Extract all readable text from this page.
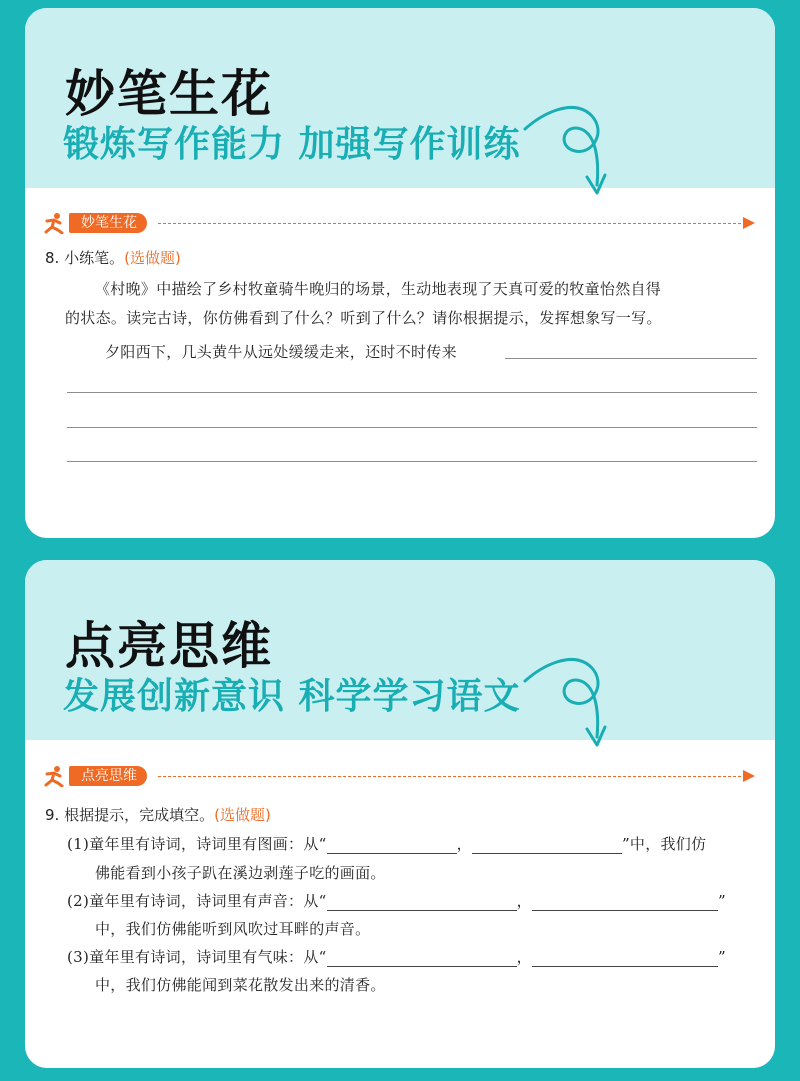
妙笔生花
锻炼写作能力 加强写作训练
妙笔生花
8. 小练笔。(选做题)
《村晚》中描绘了乡村牧童骑牛晚归的场景，生动地表现了天真可爱的牧童怡然自得
的状态。读完古诗，你仿佛看到了什么？听到了什么？请你根据提示，发挥想象写一写。
夕阳西下，几头黄牛从远处缓缓走来，还时不时传来
点亮思维
发展创新意识 科学学习语文
点亮思维
9. 根据提示，完成填空。(选做题)
(1)童年里有诗词，诗词里有图画：从“	，	”中，我们仿
佛能看到小孩子趴在溪边剥莲子吃的画面。
(2)童年里有诗词，诗词里有声音：从“	，	”
中，我们仿佛能听到风吹过耳畔的声音。
(3)童年里有诗词，诗词里有气味：从“	，	”
中，我们仿佛能闻到菜花散发出来的清香。
